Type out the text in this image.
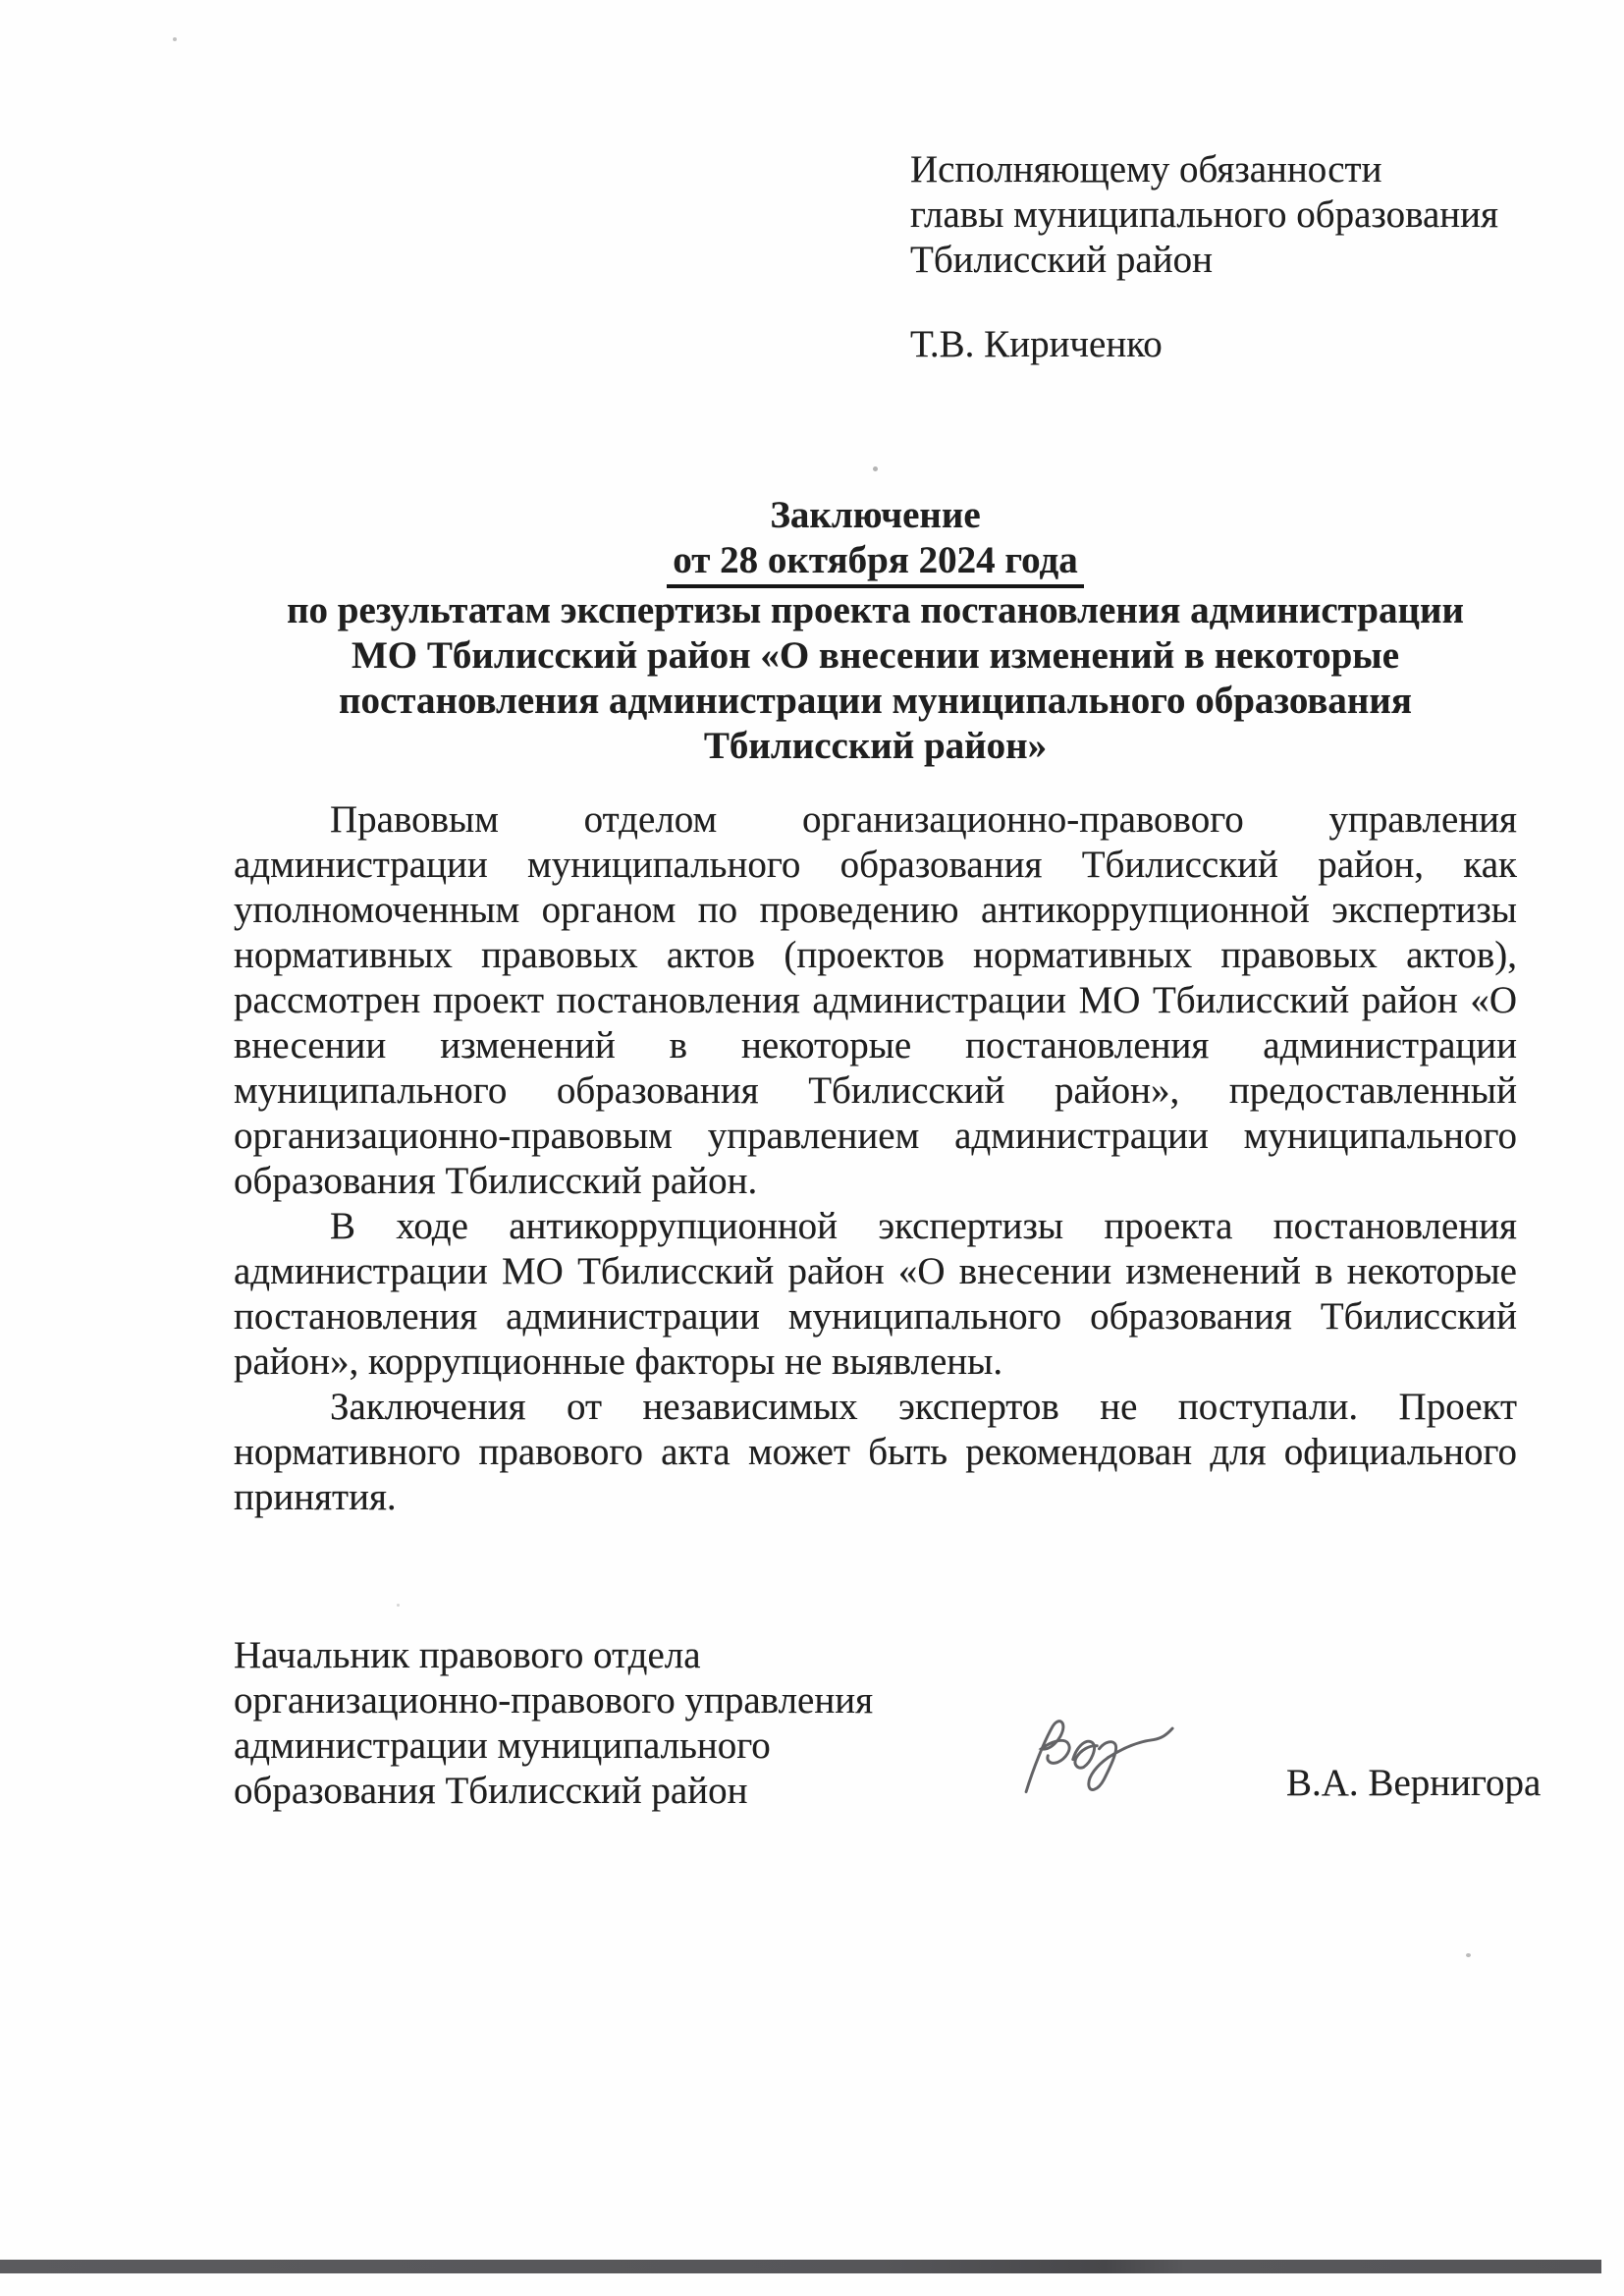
Исполняющему обязанности
главы муниципального образования
Тбилисский район
Т.В. Кириченко
Заключение
от 28 октября 2024 года
по результатам экспертизы проекта постановления администрации
МО Тбилисский район «О внесении изменений в некоторые
постановления администрации муниципального образования
Тбилисский район»
Правовым отделом организационно-правового управления
администрации муниципального образования Тбилисский район, как
уполномоченным органом по проведению антикоррупционной экспертизы
нормативных правовых актов (проектов нормативных правовых актов),
рассмотрен проект постановления администрации МО Тбилисский район «О
внесении изменений в некоторые постановления администрации
муниципального образования Тбилисский район», предоставленный
организационно-правовым управлением администрации муниципального
образования Тбилисский район.
В ходе антикоррупционной экспертизы проекта постановления
администрации МО Тбилисский район «О внесении изменений в некоторые
постановления администрации муниципального образования Тбилисский
район», коррупционные факторы не выявлены.
Заключения от независимых экспертов не поступали. Проект
нормативного правового акта может быть рекомендован для официального
принятия.
Начальник правового отдела
организационно-правового управления
администрации муниципального
образования Тбилисский район	В.А. Вернигора
